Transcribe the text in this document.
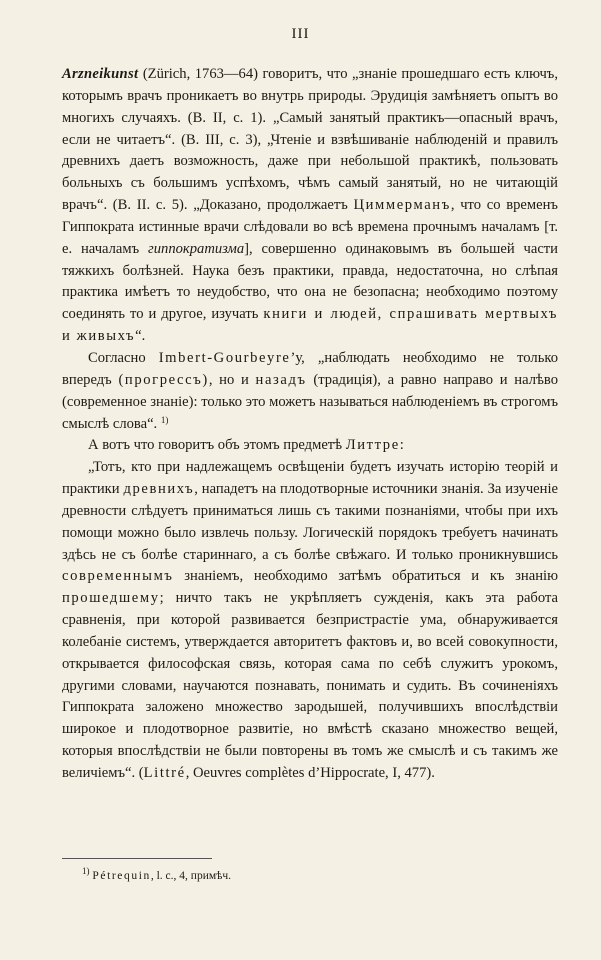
III

Arzneikunst (Zürich, 1763—64) говоритъ, что „знаніе прошедшаго есть ключъ, которымъ врачъ проникаетъ во внутрь природы. Эрудиція замѣняетъ опытъ во многихъ случаяхъ. (В. II, с. 1). „Самый занятый практикъ—опасный врачъ, если не читаетъ“. (В. III, с. 3), „Чтеніе и взвѣшиваніе наблюденій и правилъ древнихъ даетъ возможность, даже при небольшой практикѣ, пользовать больныхъ съ большимъ успѣхомъ, чѣмъ самый занятый, но не читающій врачъ“. (В. II. с. 5). „Доказано, продолжаетъ Циммерманъ, что со временъ Гиппократа истинные врачи слѣдовали во всѣ времена прочнымъ началамъ [т. е. началамъ гиппократизма], совершенно одинаковымъ въ большей части тяжкихъ болѣзней. Наука безъ практики, правда, недостаточна, но слѣпая практика имѣетъ то неудобство, что она не безопасна; необходимо поэтому соединять то и другое, изучать книги и людей, спрашивать мертвыхъ и живыхъ“.

Согласно Imbert-Gourbeyre’у, „наблюдать необходимо не только впередъ (прогрессъ), но и назадъ (традиція), а равно направо и налѣво (современное знаніе): только это можетъ называться наблюденіемъ въ строгомъ смыслѣ слова“. $^{1)}$

А вотъ что говоритъ объ этомъ предметѣ Литтре:

„Тотъ, кто при надлежащемъ освѣщеніи будетъ изучать исторію теорій и практики древнихъ, нападетъ на плодотворные источники знанія. За изученіе древности слѣдуетъ приниматься лишь съ такими познаніями, чтобы при ихъ помощи можно было извлечь пользу. Логическій порядокъ требуетъ начинать здѣсь не съ болѣе стариннаго, а съ болѣе свѣжаго. И только проникнувшись современнымъ знаніемъ, необходимо затѣмъ обратиться и къ знанію прошедшему; ничто такъ не укрѣпляетъ сужденія, какъ эта работа сравненія, при которой развивается безпристрастіе ума, обнаруживается колебаніе системъ, утверждается авторитетъ фактовъ и, во всей совокупности, открывается философская связь, которая сама по себѣ служитъ урокомъ, другими словами, научаются познавать, понимать и судить. Въ сочиненіяхъ Гиппократа заложено множество зародышей, получившихъ впослѣдствіи широкое и плодотворное развитіе, но вмѣстѣ сказано множество вещей, которыя впослѣдствіи не были повторены въ томъ же смыслѣ и съ такимъ же величіемъ“. (Littré, Oeuvres complètes d’Hippocrate, I, 477).

$^{1)}$ Pétrequin, l. c., 4, примѣч.
